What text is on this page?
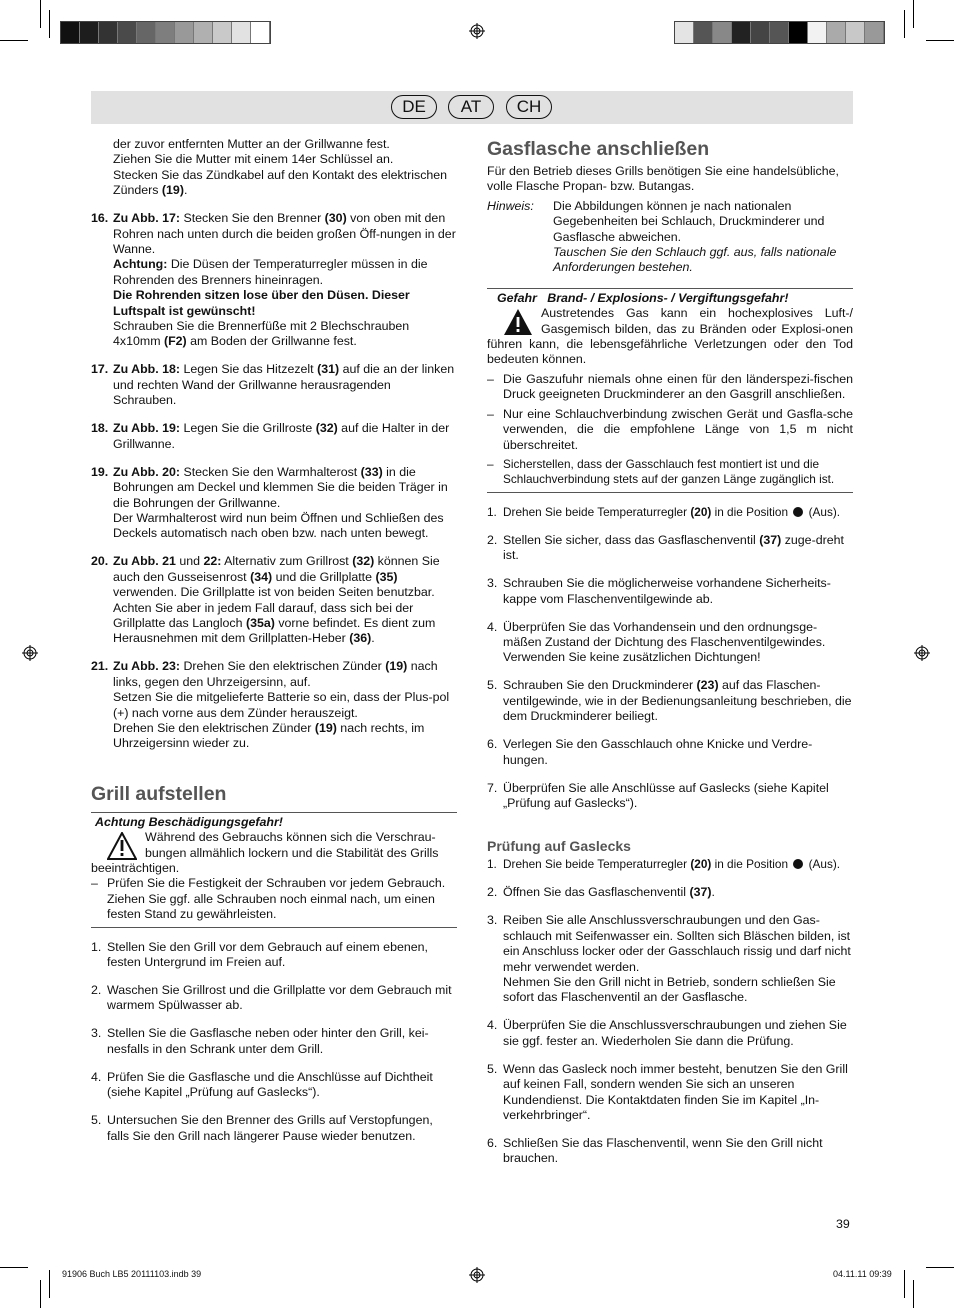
DE	AT	CH
der zuvor entfernten Mutter an der Grillwanne fest.
Ziehen Sie die Mutter mit einem 14er Schlüssel an.
Stecken Sie das Zündkabel auf den Kontakt des elektrischen Zünders (19).
16. Zu Abb. 17: Stecken Sie den Brenner (30) von oben mit den Rohren nach unten durch die beiden großen Öff-nungen in der Wanne.
Achtung: Die Düsen der Temperaturregler müssen in die Rohrenden des Brenners hineinragen.
Die Rohrenden sitzen lose über den Düsen. Dieser Luftspalt ist gewünscht!
Schrauben Sie die Brennerfüße mit 2 Blechschrauben 4x10mm (F2) am Boden der Grillwanne fest.
17. Zu Abb. 18: Legen Sie das Hitzezelt (31) auf die an der linken und rechten Wand der Grillwanne herausragenden Schrauben.
18. Zu Abb. 19: Legen Sie die Grillroste (32) auf die Halter in der Grillwanne.
19. Zu Abb. 20: Stecken Sie den Warmhalterost (33) in die Bohrungen am Deckel und klemmen Sie die beiden Träger in die Bohrungen der Grillwanne.
Der Warmhalterost wird nun beim Öffnen und Schließen des Deckels automatisch nach oben bzw. nach unten bewegt.
20. Zu Abb. 21 und 22: Alternativ zum Grillrost (32) können Sie auch den Gusseisenrost (34) und die Grillplatte (35) verwenden. Die Grillplatte ist von beiden Seiten benutzbar. Achten Sie aber in jedem Fall darauf, dass sich bei der Grillplatte das Langloch (35a) vorne befindet. Es dient zum Herausnehmen mit dem Grillplatten-Heber (36).
21. Zu Abb. 23: Drehen Sie den elektrischen Zünder (19) nach links, gegen den Uhrzeigersinn, auf.
Setzen Sie die mitgelieferte Batterie so ein, dass der Plus-pol (+) nach vorne aus dem Zünder herauszeigt.
Drehen Sie den elektrischen Zünder (19) nach rechts, im Uhrzeigersinn wieder zu.
Grill aufstellen
Achtung Beschädigungsgefahr!
Während des Gebrauchs können sich die Verschrau-bungen allmählich lockern und die Stabilität des Grills beeinträchtigen.
– Prüfen Sie die Festigkeit der Schrauben vor jedem Gebrauch. Ziehen Sie ggf. alle Schrauben noch einmal nach, um einen festen Stand zu gewährleisten.
1. Stellen Sie den Grill vor dem Gebrauch auf einem ebenen, festen Untergrund im Freien auf.
2. Waschen Sie Grillrost und die Grillplatte vor dem Gebrauch mit warmem Spülwasser ab.
3. Stellen Sie die Gasflasche neben oder hinter den Grill, kei-nesfalls in den Schrank unter dem Grill.
4. Prüfen Sie die Gasflasche und die Anschlüsse auf Dichtheit (siehe Kapitel „Prüfung auf Gaslecks“).
5. Untersuchen Sie den Brenner des Grills auf Verstopfungen, falls Sie den Grill nach längerer Pause wieder benutzen.
Gasflasche anschließen
Für den Betrieb dieses Grills benötigen Sie eine handelsübliche, volle Flasche Propan- bzw. Butangas.
Hinweis: Die Abbildungen können je nach nationalen Gegebenheiten bei Schlauch, Druckminderer und Gasflasche abweichen.
Tauschen Sie den Schlauch ggf. aus, falls nationale Anforderungen bestehen.
Gefahr   Brand- / Explosions- / Vergiftungsgefahr!
Austretendes Gas kann ein hochexplosives Luft-/ Gasgemisch bilden, das zu Bränden oder Explosi-onen führen kann, die lebensgefährliche Verletzungen oder den Tod bedeuten können.
– Die Gaszufuhr niemals ohne einen für den länderspezi-fischen Druck geeigneten Druckminderer an den Gasgrill anschließen.
– Nur eine Schlauchverbindung zwischen Gerät und Gasfla-sche verwenden, die die empfohlene Länge von 1,5 m nicht überschreitet.
– Sicherstellen, dass der Gasschlauch fest montiert ist und die Schlauchverbindung stets auf der ganzen Länge zugänglich ist.
1. Drehen Sie beide Temperaturregler (20) in die Position  (Aus).
2. Stellen Sie sicher, dass das Gasflaschenventil (37) zuge-dreht ist.
3. Schrauben Sie die möglicherweise vorhandene Sicherheits-kappe vom Flaschenventilgewinde ab.
4. Überprüfen Sie das Vorhandensein und den ordnungsge-mäßen Zustand der Dichtung des Flaschenventilgewindes. Verwenden Sie keine zusätzlichen Dichtungen!
5. Schrauben Sie den Druckminderer (23) auf das Flaschen-ventilgewinde, wie in der Bedienungsanleitung beschrieben, die dem Druckminderer beiliegt.
6. Verlegen Sie den Gasschlauch ohne Knicke und Verdre-hungen.
7. Überprüfen Sie alle Anschlüsse auf Gaslecks (siehe Kapitel „Prüfung auf Gaslecks“).
Prüfung auf Gaslecks
1. Drehen Sie beide Temperaturregler (20) in die Position  (Aus).
2. Öffnen Sie das Gasflaschenventil (37).
3. Reiben Sie alle Anschlussverschraubungen und den Gas-schlauch mit Seifenwasser ein. Sollten sich Bläschen bilden, ist ein Anschluss locker oder der Gasschlauch rissig und darf nicht mehr verwendet werden.
Nehmen Sie den Grill nicht in Betrieb, sondern schließen Sie sofort das Flaschenventil an der Gasflasche.
4. Überprüfen Sie die Anschlussverschraubungen und ziehen Sie sie ggf. fester an. Wiederholen Sie dann die Prüfung.
5. Wenn das Gasleck noch immer besteht, benutzen Sie den Grill auf keinen Fall, sondern wenden Sie sich an unseren Kundendienst. Die Kontaktdaten finden Sie im Kapitel „In-verkehrbringer“.
6. Schließen Sie das Flaschenventil, wenn Sie den Grill nicht brauchen.
39
91906 Buch LB5 20111103.indb 39	04.11.11 09:39
